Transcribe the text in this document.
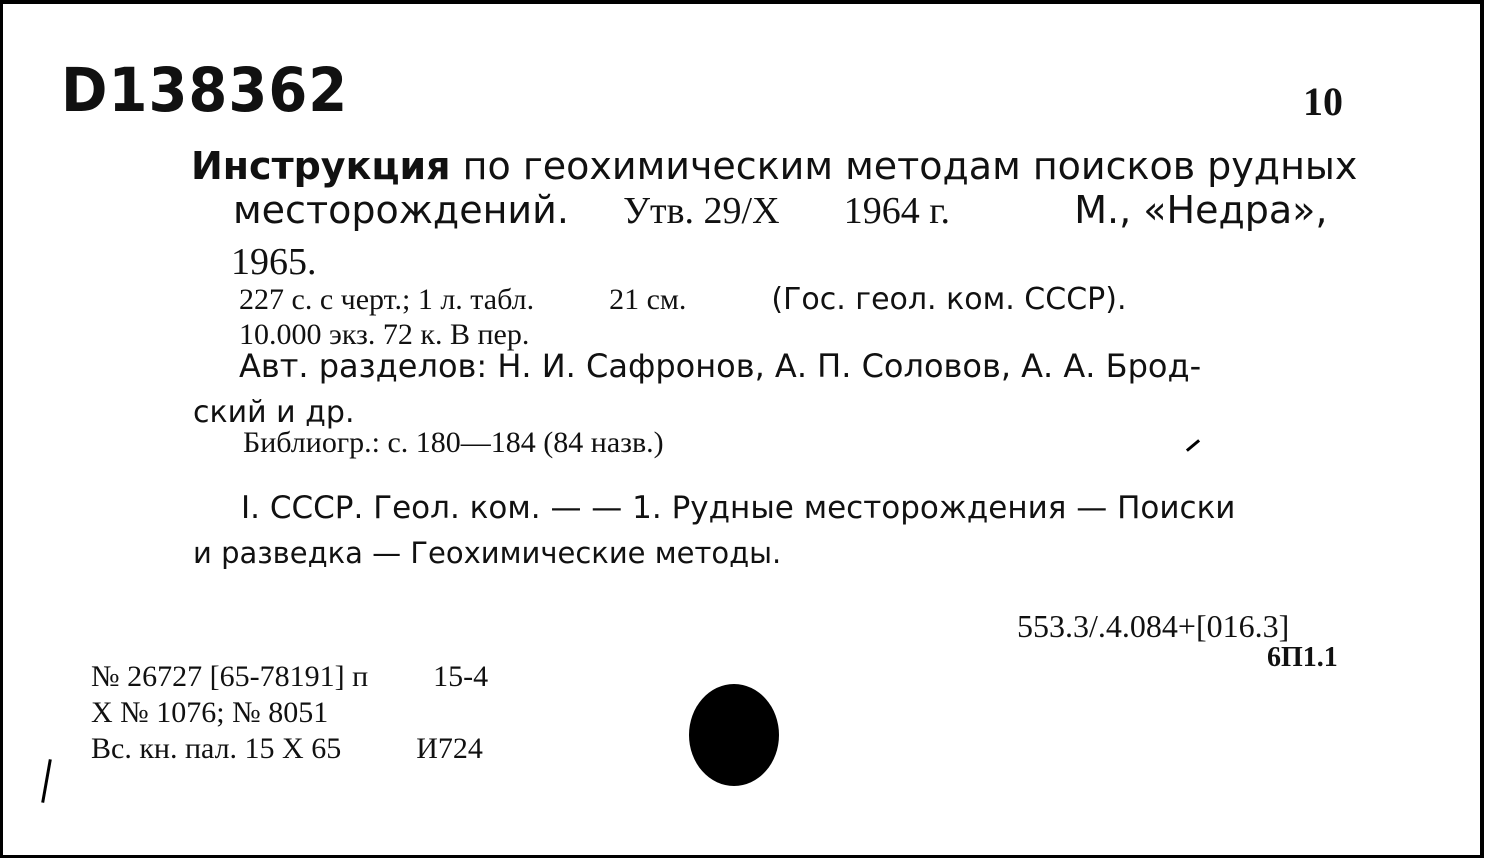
D138362	10
Инструкция по геохимическим методам поисков рудных
месторождений. Утв. 29/X 1964 г.	М., «Недра»,
1965.
227 с. с черт.; 1 л. табл.	21 см.	(Гос. геол. ком. СССР).
10.000 экз. 72 к. В пер.
Авт. разделов: Н. И. Сафронов, А. П. Соловов, А. А. Брод-
ский и др.
Библиогр.: с. 180—184 (84 назв.)
I. СССР. Геол. ком. — — 1. Рудные месторождения — Поиски
и разведка — Геохимические методы.
553.3/.4.084+[016.3]
6П1.1
№ 26727 [65-78191] п 15-4
X № 1076; № 8051
Вс. кн. пал. 15 X 65	И724
